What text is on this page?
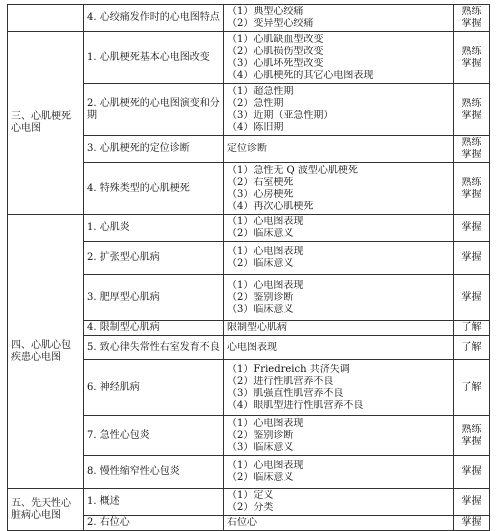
	4. 心绞痛发作时的心电图特点	（1）典型心绞痛
（2）变异型心绞痛	熟练
掌握

三、心肌梗死心电图	1. 心肌梗死基本心电图改变	（1）心肌缺血型改变
（2）心肌损伤型改变
（3）心肌坏死型改变
（4）心肌梗死的其它心电图表现	熟练
掌握

	2. 心肌梗死的心电图演变和分期	（1）超急性期
（2）急性期
（3）近期（亚急性期）
（4）陈旧期	熟练
掌握

	3. 心肌梗死的定位诊断	定位诊断	熟练
掌握

	4. 特殊类型的心肌梗死	（1）急性无 Q 波型心肌梗死
（2）右室梗死
（3）心房梗死
（4）再次心肌梗死	熟练
掌握

四、心肌心包疾患心电图	1. 心肌炎	（1）心电图表现
（2）临床意义	掌握
	2. 扩张型心肌病	（1）心电图表现
（2）临床意义	掌握
	3. 肥厚型心肌病	（1）心电图表现
（2）鉴别诊断
（3）临床意义	掌握
	4. 限制型心肌病	限制型心肌病	了解
	5. 致心律失常性右室发育不良	心电图表现	了解
	6. 神经肌病	（1）Friedreich 共济失调
（2）进行性肌营养不良
（3）肌强直性肌营养不良
（4）眼肌型进行性肌营养不良	了解
	7. 急性心包炎	（1）心电图表现
（2）鉴别诊断
（3）临床意义	熟练
掌握

	8. 慢性缩窄性心包炎	（1）心电图表现
（2）临床意义	掌握
五、先天性心脏病心电图	1. 概述	（1）定义
（2）分类	掌握
	2. 右位心	右位心	掌握
